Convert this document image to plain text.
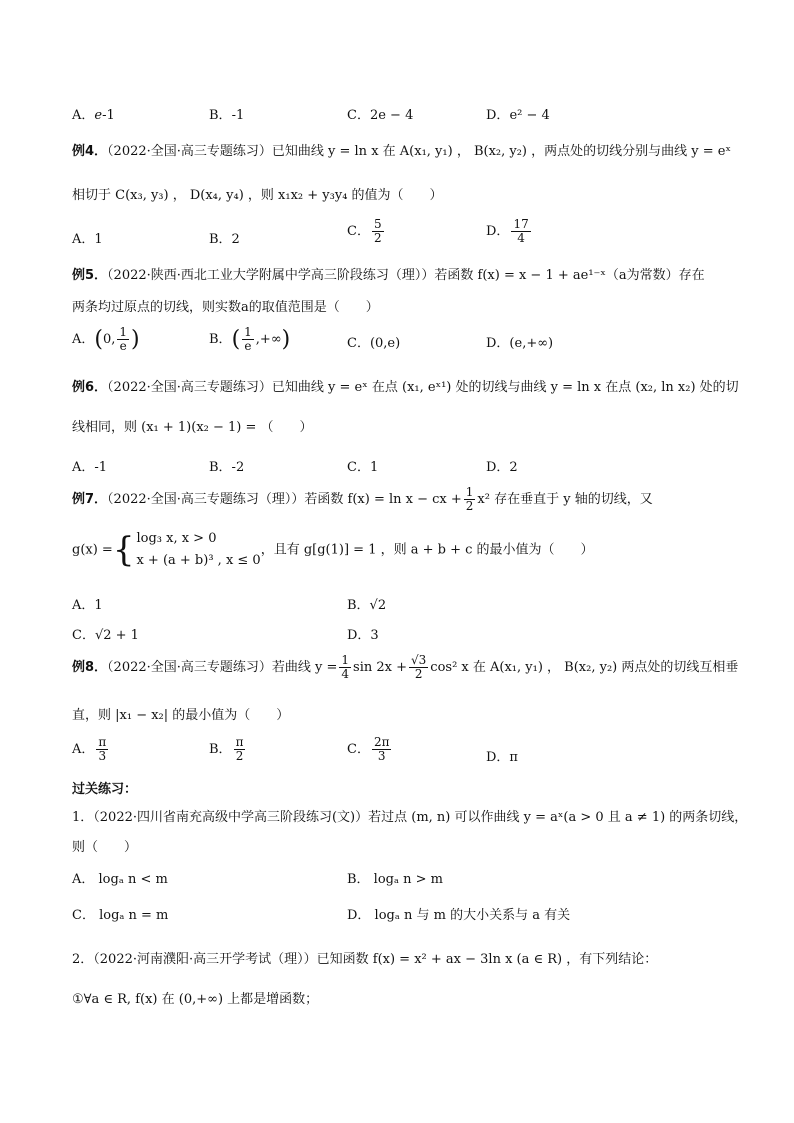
A．e-1	B．-1	C．2e − 4	D．e² − 4
例4．（2022·全国·高三专题练习）已知曲线 y = ln x 在 A(x₁, y₁) ， B(x₂, y₂) ，两点处的切线分别与曲线 y = eˣ
相切于 C(x₃, y₃) ， D(x₄, y₄) ，则 x₁x₂ + y₃y₄ 的值为（　　）
A．1	B．2
C． $\frac{5}{2}$	D． $\frac{17}{4}$
例5．（2022·陕西·西北工业大学附属中学高三阶段练习（理））若函数 f(x) = x − 1 + ae¹⁻ˣ（a为常数）存在
两条均过原点的切线，则实数a的取值范围是（　　）
A．(0, $\frac{1}{e}$ )	B．( $\frac{1}{e}$ ,+∞)	C．(0,e)	D．(e,+∞)
例6．（2022·全国·高三专题练习）已知曲线 y = eˣ 在点 (x₁, eˣ¹) 处的切线与曲线 y = ln x 在点 (x₂, ln x₂) 处的切
线相同，则 (x₁ + 1)(x₂ − 1) = （　　）
A．-1	B．-2	C．1	D．2
例7．（2022·全国·高三专题练习（理））若函数 f(x) = ln x − cx + $\frac{1}{2} x^2$ 存在垂直于 y 轴的切线，又
g(x) ={ log₃ x, x > 0
x + (a + b)³ , x ≤ 0，且有 g[g(1)] = 1 ，则 a + b + c 的最小值为（　　）
A．1	B．√2
C．√2 + 1	D．3
例8．（2022·全国·高三专题练习）若曲线 $y = \frac{1}{4}$ $\sin 2x + \frac{√3}{2} \cos^2$ x 在 A(x₁, y₁) ， B(x₂, y₂) 两点处的切线互相垂
直，则 |x₁ − x₂| 的最小值为（　　）
A． $\frac{\pi}{3}$	B． $\frac{\pi}{2}$	C． $\frac{2\pi}{3}$	D．π
过关练习：
1．（2022·四川省南充高级中学高三阶段练习(文)）若过点 (m, n) 可以作曲线 y = aˣ(a > 0 且 a ≠ 1) 的两条切线，
则（　　）
A． logₐ n < m	B． logₐ n > m
C． logₐ n = m	D． logₐ n 与 m 的大小关系与 a 有关
2．（2022·河南濮阳·高三开学考试（理））已知函数 f(x) = x² + ax − 3ln x (a ∈ R) ，有下列结论：
①∀a ∈ R, f(x) 在 (0,+∞) 上都是增函数；
